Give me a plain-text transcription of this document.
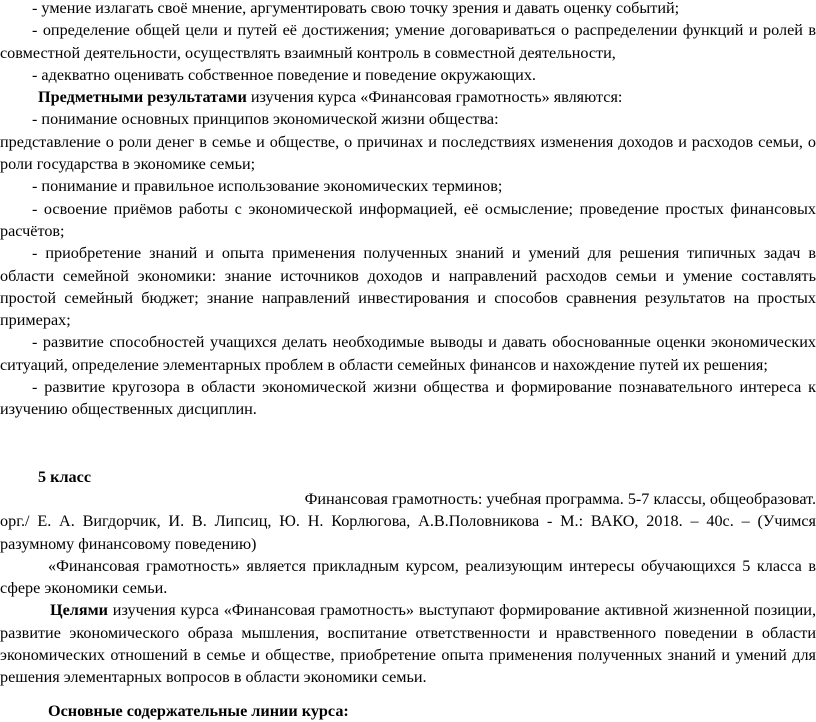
- умение излагать своё мнение, аргументировать свою точку зрения и давать оценку событий;

- определение общей цели и путей её достижения; умение договариваться о распределении функций и ролей в совместной деятельности, осуществлять взаимный контроль в совместной деятельности,

- адекватно оценивать собственное поведение и поведение окружающих.

Предметными результатами изучения курса «Финансовая грамотность» являются:

- понимание основных принципов экономической жизни общества:

представление о роли денег в семье и обществе, о причинах и последствиях изменения доходов и расходов семьи, о роли государства в экономике семьи;

- понимание и правильное использование экономических терминов;

- освоение приёмов работы с экономической информацией, её осмысление; проведение простых финансовых расчётов;

- приобретение знаний и опыта применения полученных знаний и умений для решения типичных задач в области семейной экономики: знание источников доходов и направлений расходов семьи и умение составлять простой семейный бюджет; знание направлений инвестирования и способов сравнения результатов на простых примерах;

- развитие способностей учащихся делать необходимые выводы и давать обоснованные оценки экономических ситуаций, определение элементарных проблем в области семейных финансов и нахождение путей их решения;

- развитие кругозора в области экономической жизни общества и формирование познавательного интереса к изучению общественных дисциплин.

5 класс

Финансовая грамотность: учебная программа. 5-7 классы, общеобразоват.

орг./ Е. А. Вигдорчик, И. В. Липсиц, Ю. Н. Корлюгова, А.В.Половникова - М.: ВАКО, 2018. – 40с. – (Учимся разумному финансовому поведению)

«Финансовая грамотность» является прикладным курсом, реализующим интересы обучающихся 5 класса в сфере экономики семьи.

Целями изучения курса «Финансовая грамотность» выступают формирование активной жизненной позиции, развитие экономического образа мышления, воспитание ответственности и нравственного поведении в области экономических отношений в семье и обществе, приобретение опыта применения полученных знаний и умений для решения элементарных вопросов в области экономики семьи.

Основные содержательные линии курса:
